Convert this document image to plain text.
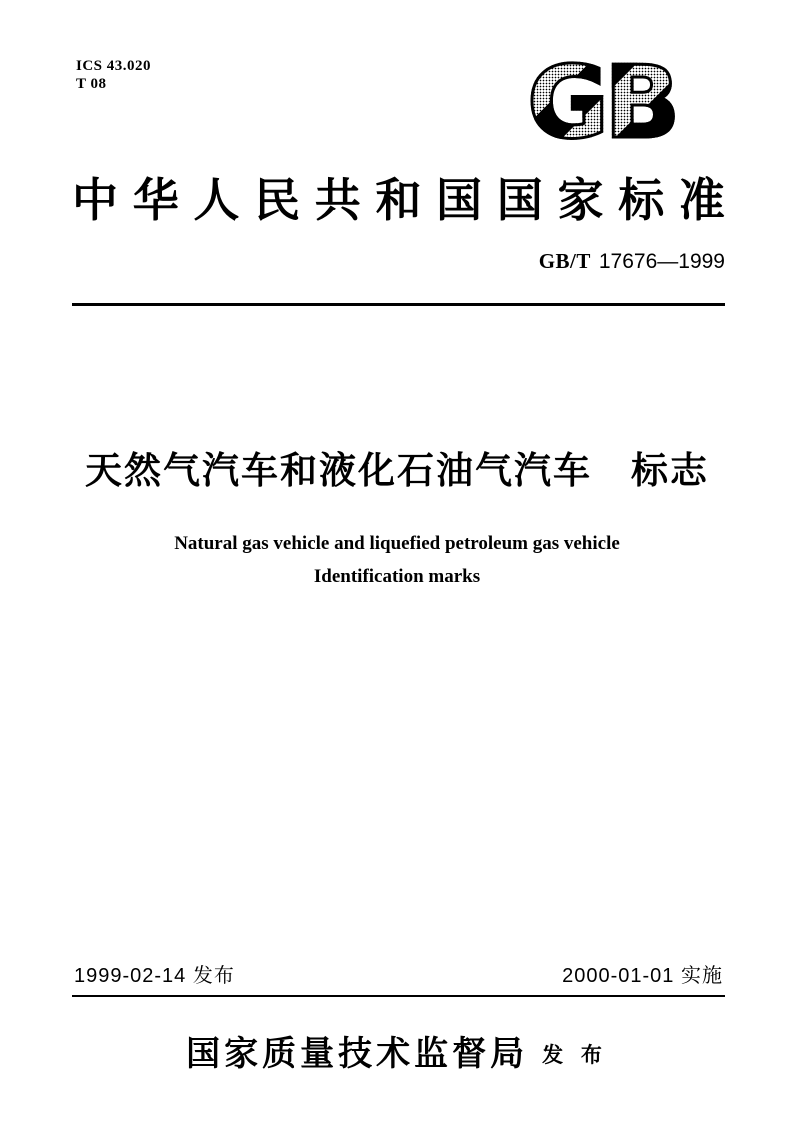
ICS 43.020
T 08	GB
中 华 人 民 共 和 国 国 家 标 准
GB/T 17676—1999
天然气汽车和液化石油气汽车　标志
Natural gas vehicle and liquefied petroleum gas vehicle
Identification marks
1999-02-14 发布	2000-01-01 实施
国家质量技术监督局 发 布
